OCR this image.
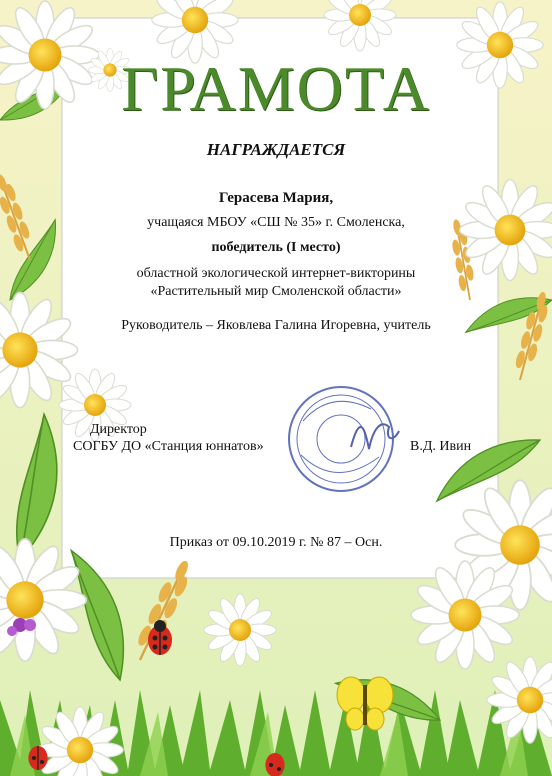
ГРАМОТА
НАГРАЖДАЕТСЯ
Герасева Мария,
учащаяся МБОУ «СШ № 35» г. Смоленска,
победитель (I место)
областной экологической интернет-викторины
«Растительный мир Смоленской области»
Руководитель – Яковлева Галина Игоревна, учитель
Директор
СОГБУ ДО «Станция юннатов»	В.Д. Ивин
Приказ от 09.10.2019 г. № 87 – Осн.
